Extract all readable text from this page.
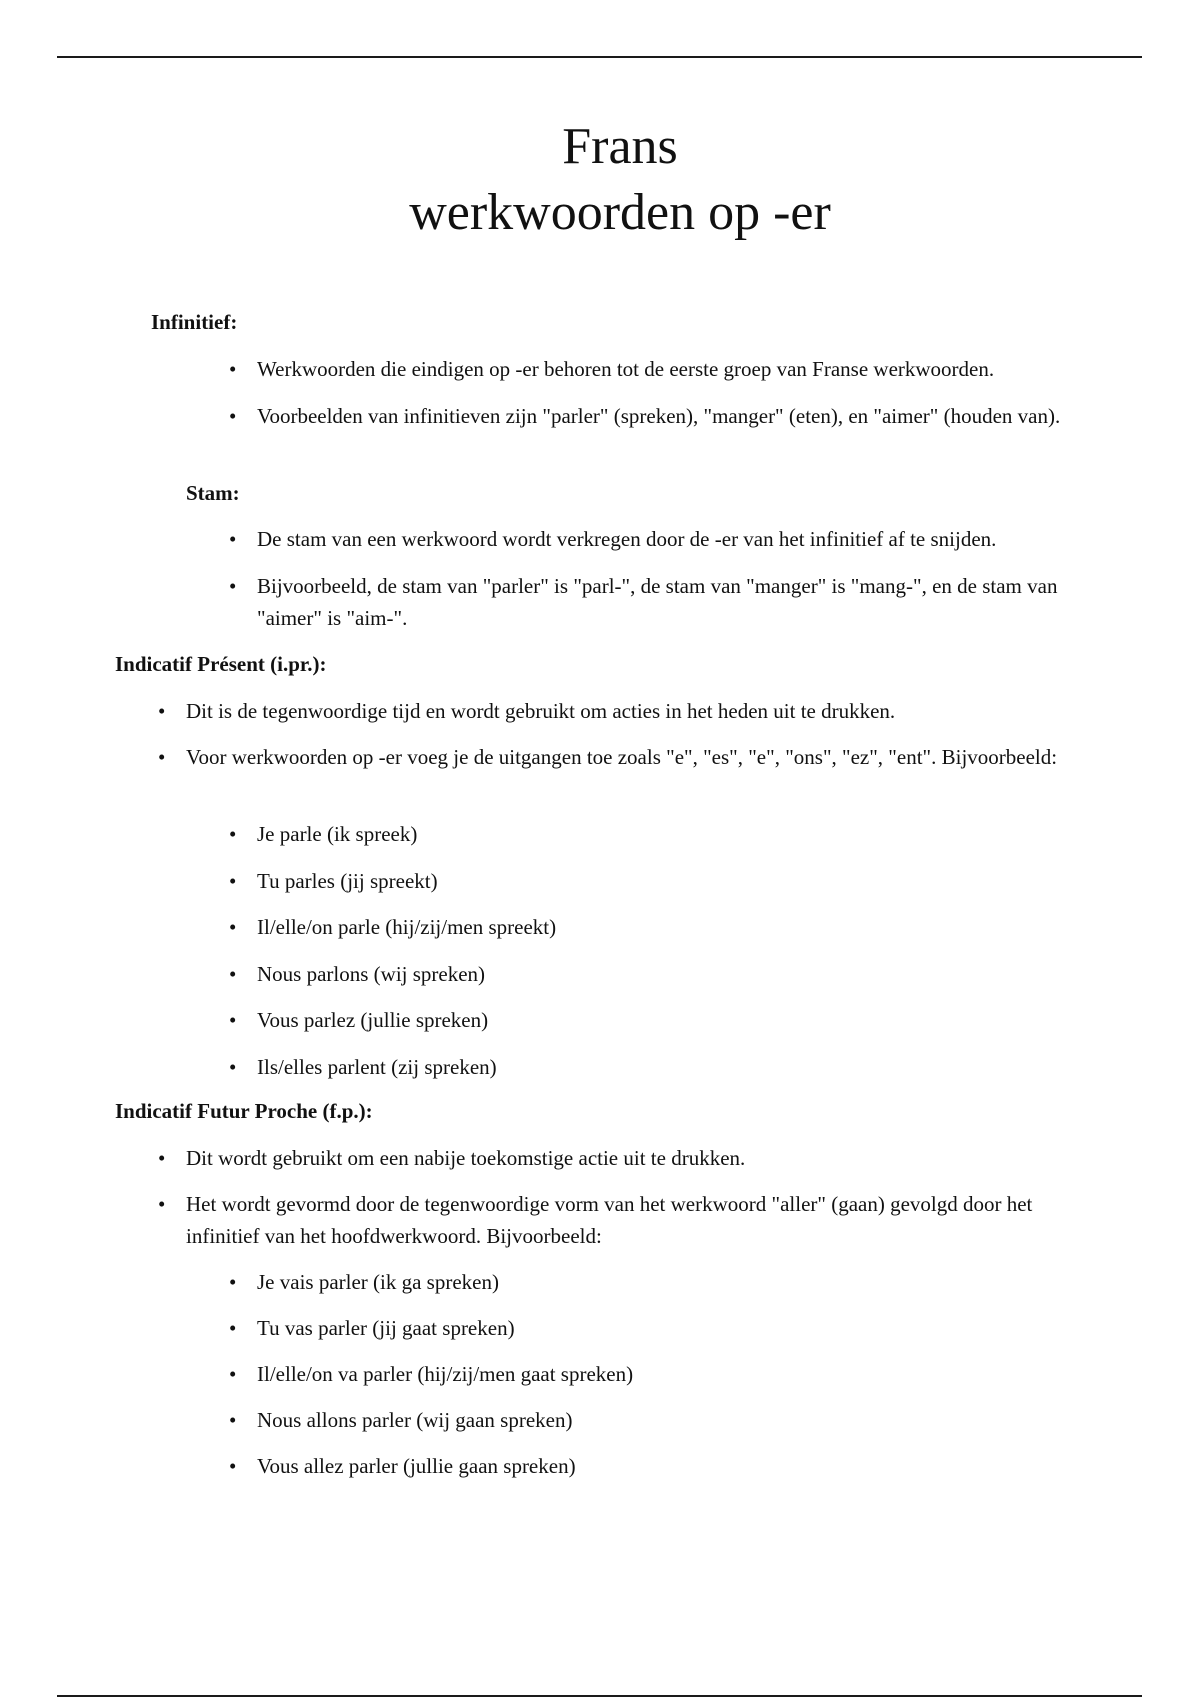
Frans
werkwoorden op -er
Infinitief:
• Werkwoorden die eindigen op -er behoren tot de eerste groep van Franse werkwoorden.
• Voorbeelden van infinitieven zijn "parler" (spreken), "manger" (eten), en "aimer" (houden van).
Stam:
• De stam van een werkwoord wordt verkregen door de -er van het infinitief af te snijden.
• Bijvoorbeeld, de stam van "parler" is "parl-", de stam van "manger" is "mang-", en de stam van "aimer" is "aim-".
Indicatif Présent (i.pr.):
• Dit is de tegenwoordige tijd en wordt gebruikt om acties in het heden uit te drukken.
• Voor werkwoorden op -er voeg je de uitgangen toe zoals "e", "es", "e", "ons", "ez", "ent". Bijvoorbeeld:
• Je parle (ik spreek)
• Tu parles (jij spreekt)
• Il/elle/on parle (hij/zij/men spreekt)
• Nous parlons (wij spreken)
• Vous parlez (jullie spreken)
• Ils/elles parlent (zij spreken)
Indicatif Futur Proche (f.p.):
• Dit wordt gebruikt om een nabije toekomstige actie uit te drukken.
• Het wordt gevormd door de tegenwoordige vorm van het werkwoord "aller" (gaan) gevolgd door het infinitief van het hoofdwerkwoord. Bijvoorbeeld:
• Je vais parler (ik ga spreken)
• Tu vas parler (jij gaat spreken)
• Il/elle/on va parler (hij/zij/men gaat spreken)
• Nous allons parler (wij gaan spreken)
• Vous allez parler (jullie gaan spreken)
